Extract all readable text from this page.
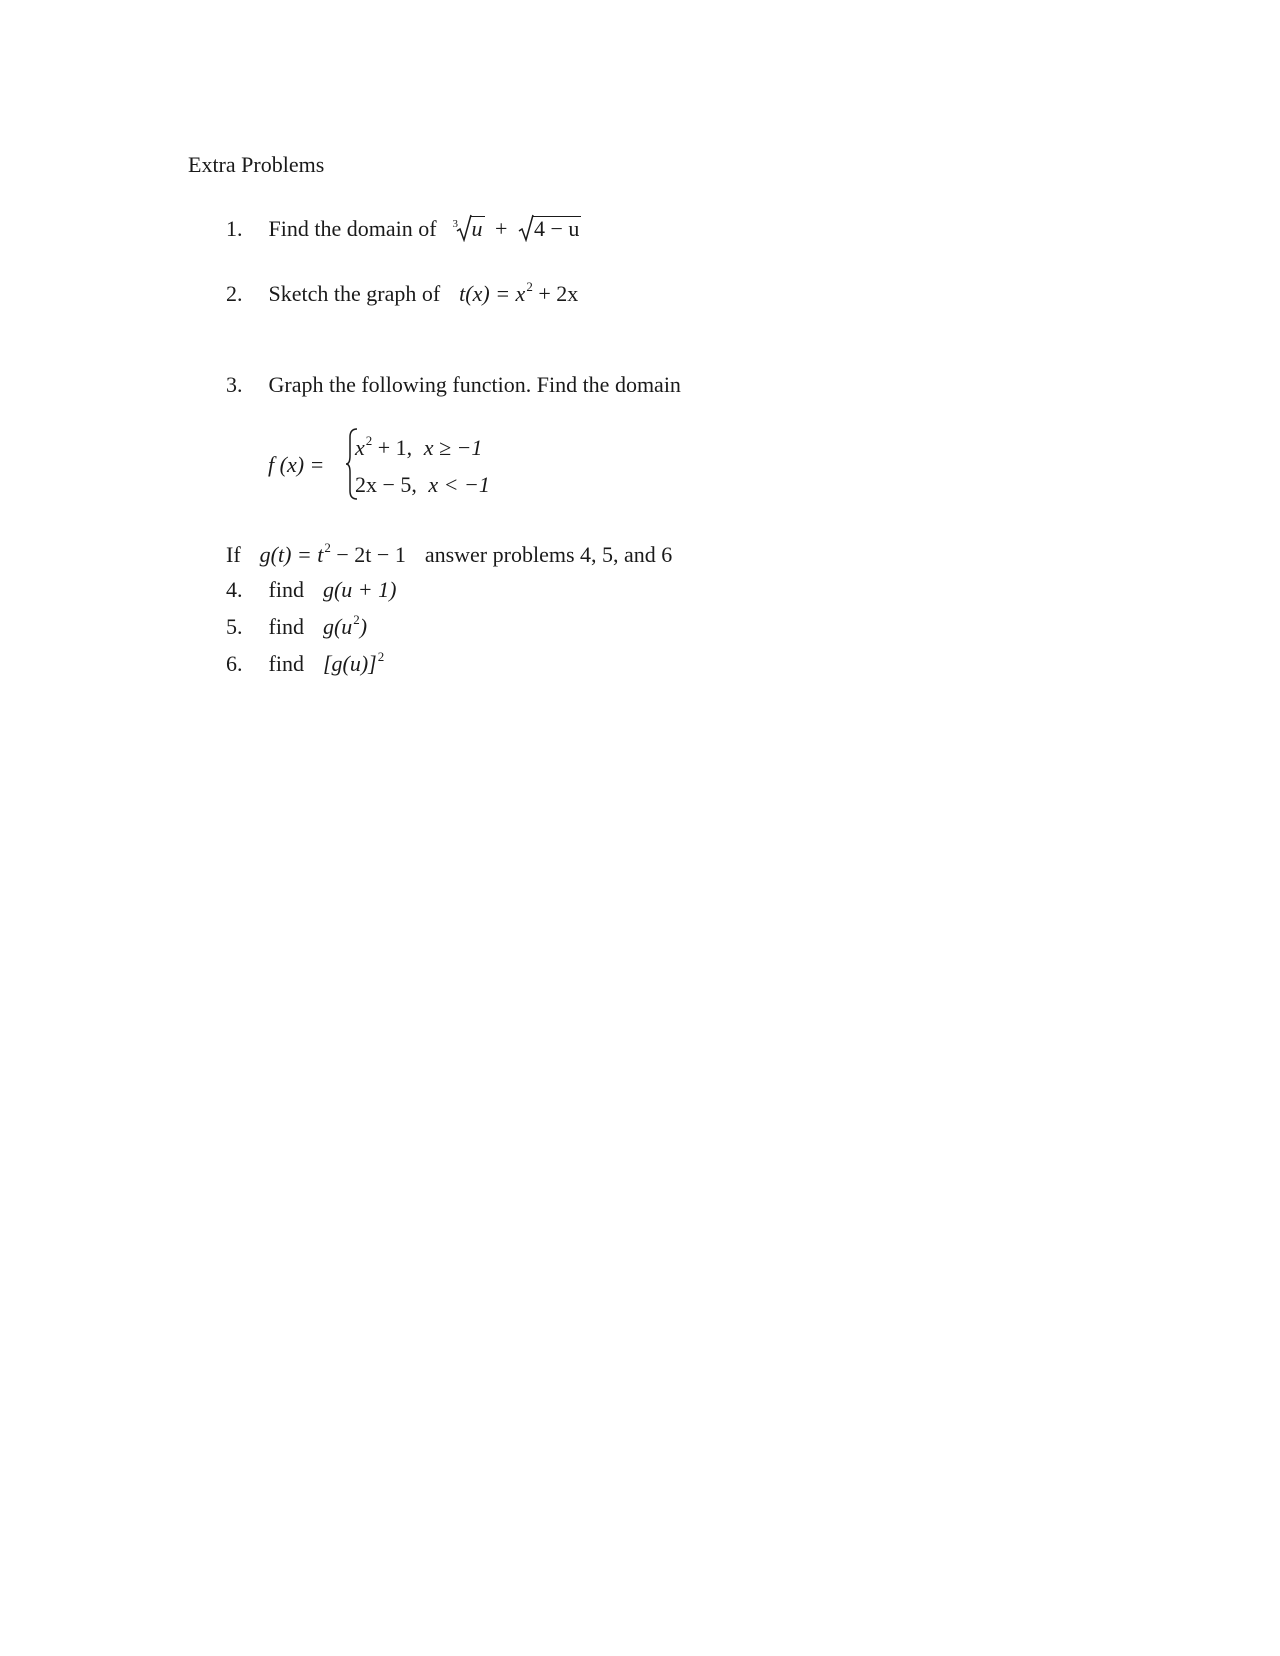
Extra Problems
1. Find the domain of 3 u + 4 − u
2. Sketch the graph of $t(x) = x^2 + 2x$
3. Graph the following function. Find the domain
f (x) =
$x^2 + 1$, x ≥ −1
2x − 5, x < −1
If $g(t) = t^2 - 2t - 1$ answer problems 4, 5, and 6
4. find g(u + 1)
5. find $g(u^2)$
6. find $[g(u)]^2$
